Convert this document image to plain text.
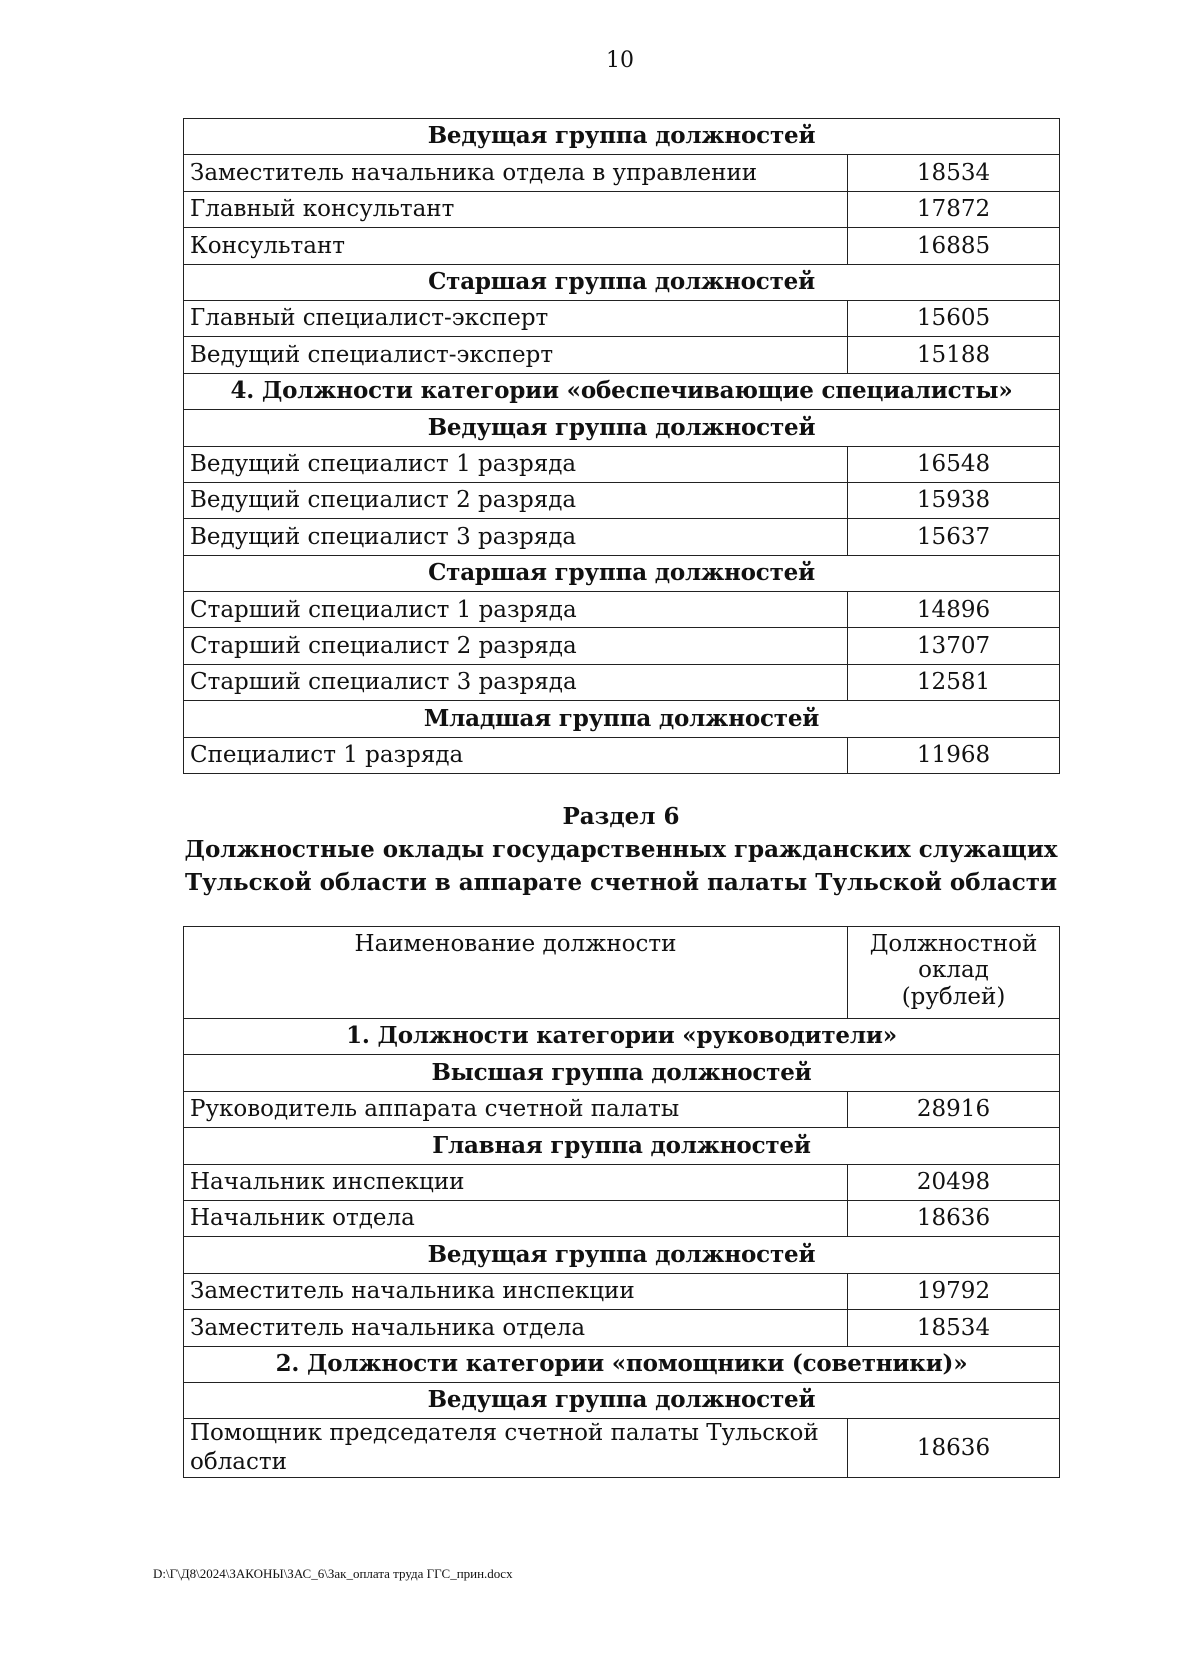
10
Ведущая группа должностей	
Заместитель начальника отдела в управлении	18534
Главный консультант	17872
Консультант	16885
Старшая группа должностей	
Главный специалист-эксперт	15605
Ведущий специалист-эксперт	15188
4. Должности категории «обеспечивающие специалисты»	
Ведущая группа должностей	
Ведущий специалист 1 разряда	16548
Ведущий специалист 2 разряда	15938
Ведущий специалист 3 разряда	15637
Старшая группа должностей	
Старший специалист 1 разряда	14896
Старший специалист 2 разряда	13707
Старший специалист 3 разряда	12581
Младшая группа должностей	
Специалист 1 разряда	11968
Раздел 6
Должностные оклады государственных гражданских служащих
Тульской области в аппарате счетной палаты Тульской области
Наименование должности	Должностной
оклад
(рублей)

1. Должности категории «руководители»	
Высшая группа должностей	
Руководитель аппарата счетной палаты	28916
Главная группа должностей	
Начальник инспекции	20498
Начальник отдела	18636
Ведущая группа должностей	
Заместитель начальника инспекции	19792
Заместитель начальника отдела	18534
2. Должности категории «помощники (советники)»	
Ведущая группа должностей	
Помощник председателя счетной палаты Тульской области	18636
D:\Г\Д8\2024\ЗАКОНЫ\ЗАС_6\Зак_оплата труда ГГС_прин.docx
